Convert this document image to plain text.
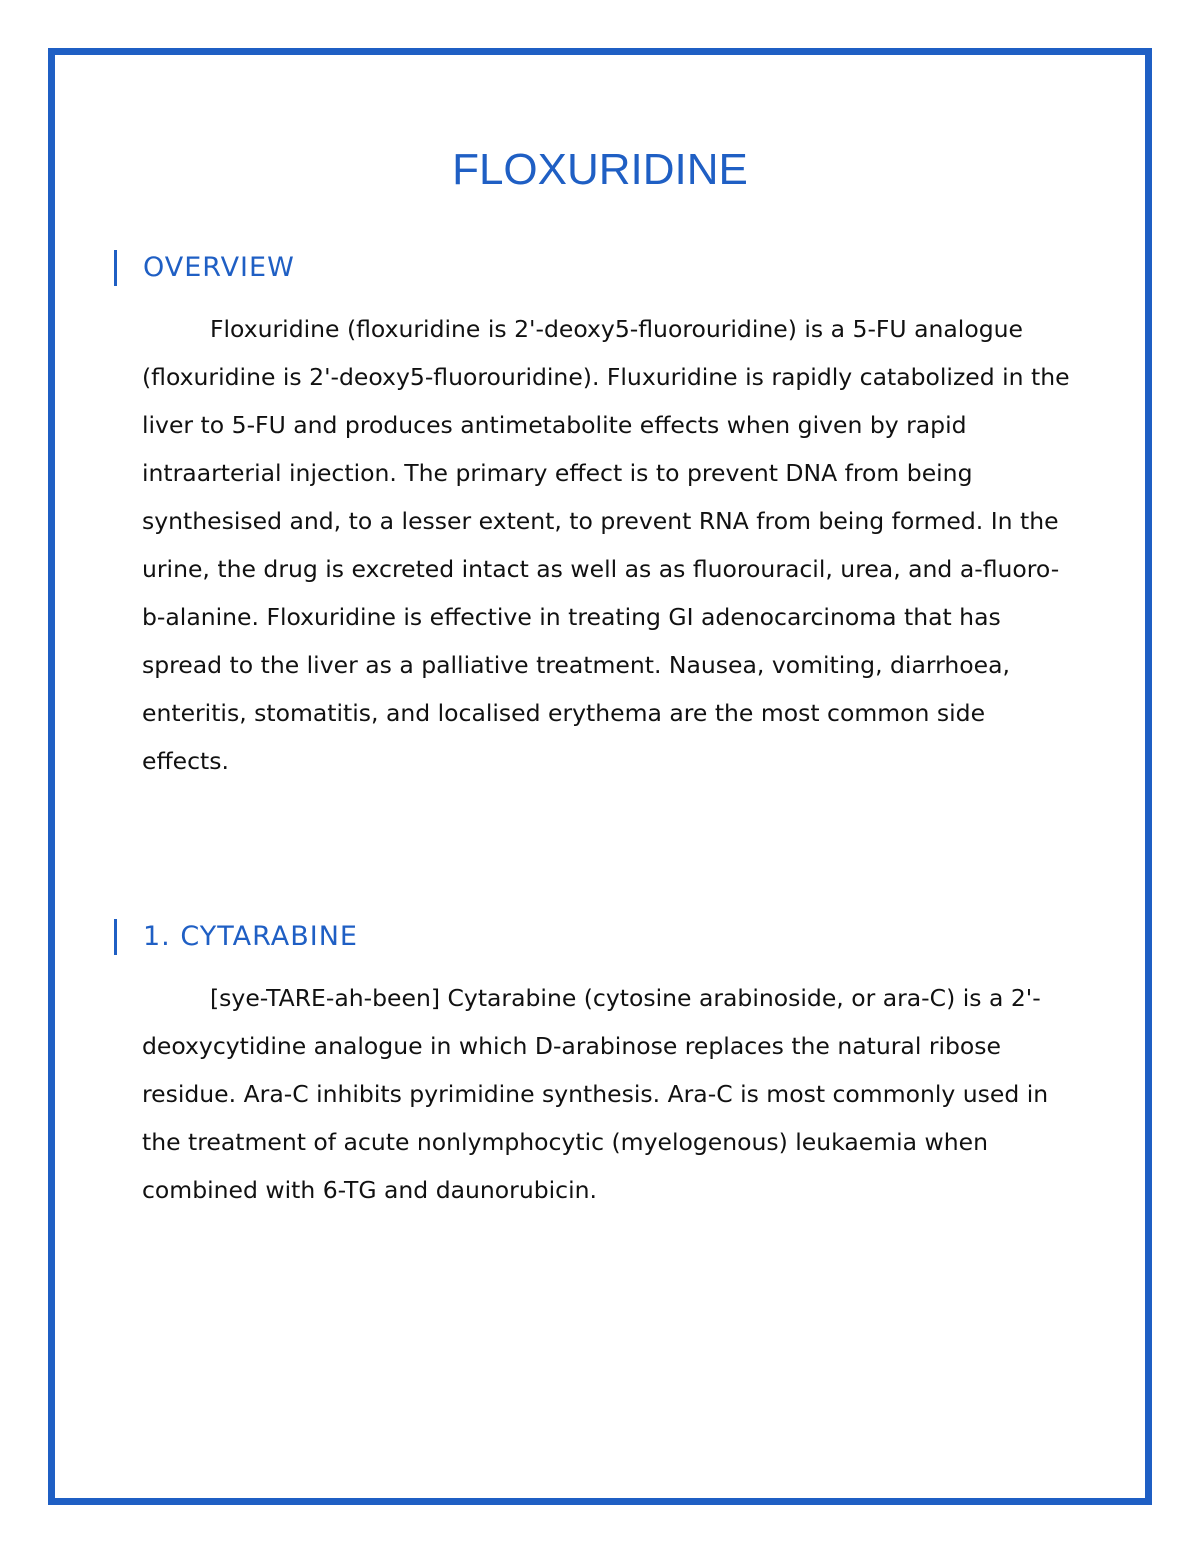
FLOXURIDINE
OVERVIEW

Floxuridine (floxuridine is 2'-deoxy5-fluorouridine) is a 5-FU analogue (floxuridine is 2'-deoxy5-fluorouridine). Fluxuridine is rapidly catabolized in the liver to 5-FU and produces antimetabolite effects when given by rapid intraarterial injection. The primary effect is to prevent DNA from being synthesised and, to a lesser extent, to prevent RNA from being formed. In the urine, the drug is excreted intact as well as as fluorouracil, urea, and a-fluoro-b-alanine. Floxuridine is effective in treating GI adenocarcinoma that has spread to the liver as a palliative treatment. Nausea, vomiting, diarrhoea, enteritis, stomatitis, and localised erythema are the most common side effects.

1. CYTARABINE

[sye-TARE-ah-been] Cytarabine (cytosine arabinoside, or ara-C) is a 2'-deoxycytidine analogue in which D-arabinose replaces the natural ribose residue. Ara-C inhibits pyrimidine synthesis. Ara-C is most commonly used in the treatment of acute nonlymphocytic (myelogenous) leukaemia when combined with 6-TG and daunorubicin.
